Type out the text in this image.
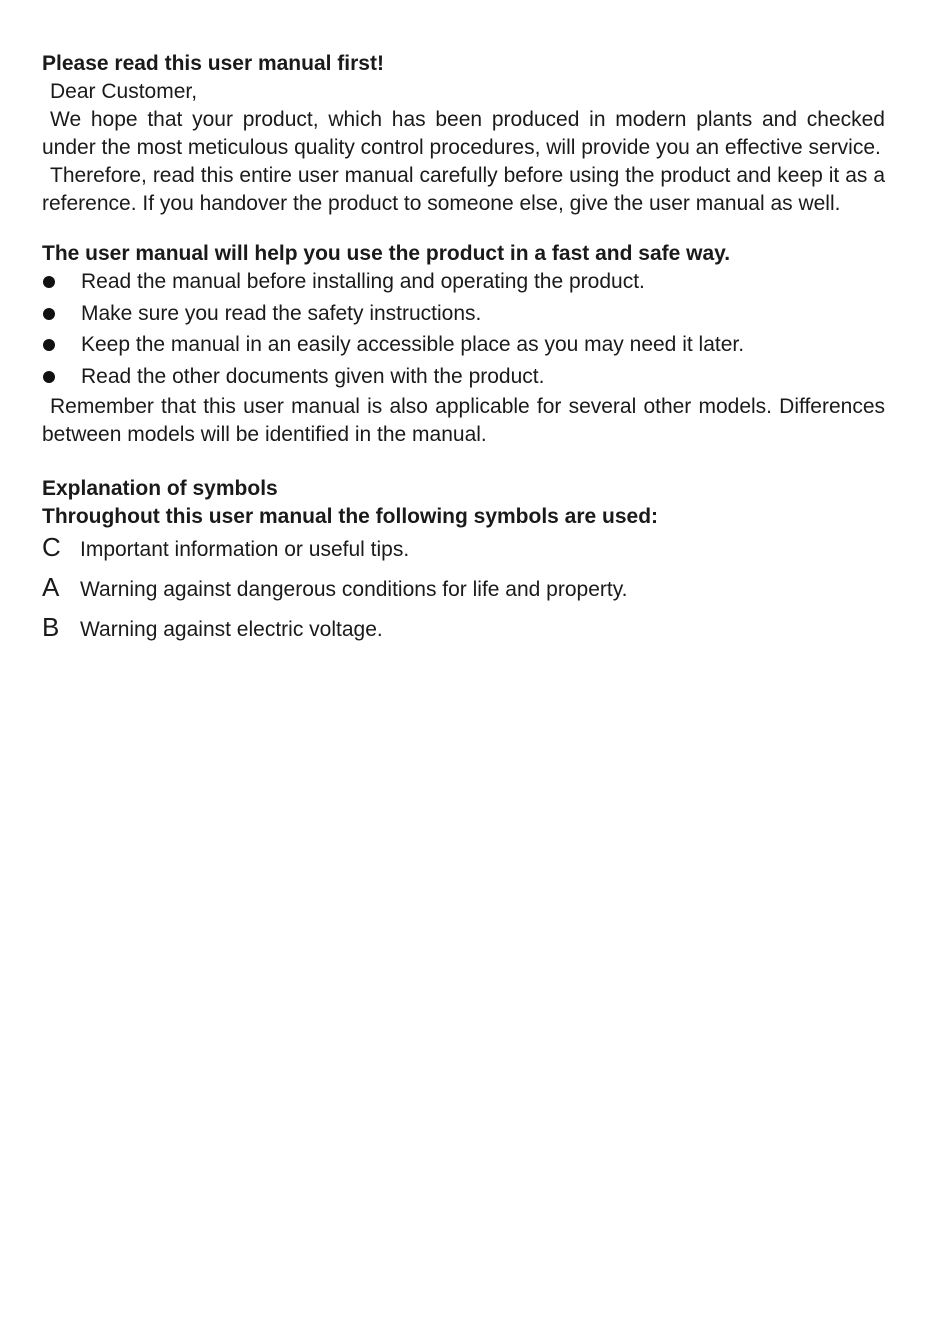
Please read this user manual first!
Dear Customer,
We hope that your product, which has been produced in modern plants and checked under the most meticulous quality control procedures, will provide you an effective service.
Therefore, read this entire user manual carefully before using the product and keep it as a reference. If you handover the product to someone else, give the user manual as well.
The user manual will help you use the product in a fast and safe way.
Read the manual before installing and operating the product.
Make sure you read the safety instructions.
Keep the manual in an easily accessible place as you may need it later.
Read the other documents given with the product.
Remember that this user manual is also applicable for several other models. Differences between models will be identified in the manual.
Explanation of symbols
Throughout this user manual the following symbols are used:
C Important information or useful tips.
A Warning against dangerous conditions for life and property.
B Warning against electric voltage.
